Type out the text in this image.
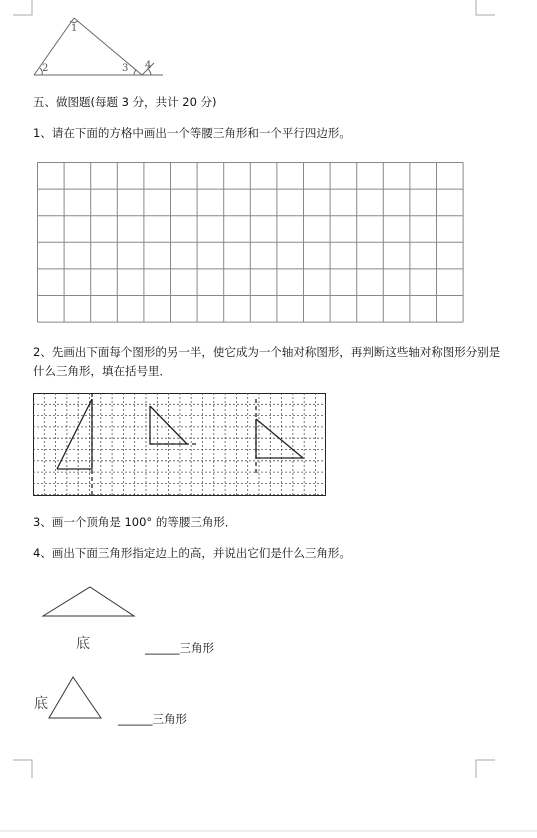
1
2	3 4
五、做图题(每题 3 分，共计 20 分)
1、请在下面的方格中画出一个等腰三角形和一个平行四边形。
2、先画出下面每个图形的另一半，使它成为一个轴对称图形，再判断这些轴对称图形分别是什么三角形，填在括号里．
3、画一个顶角是 100° 的等腰三角形．
4、画出下面三角形指定边上的高，并说出它们是什么三角形。
底	______三角形
底
______三角形
